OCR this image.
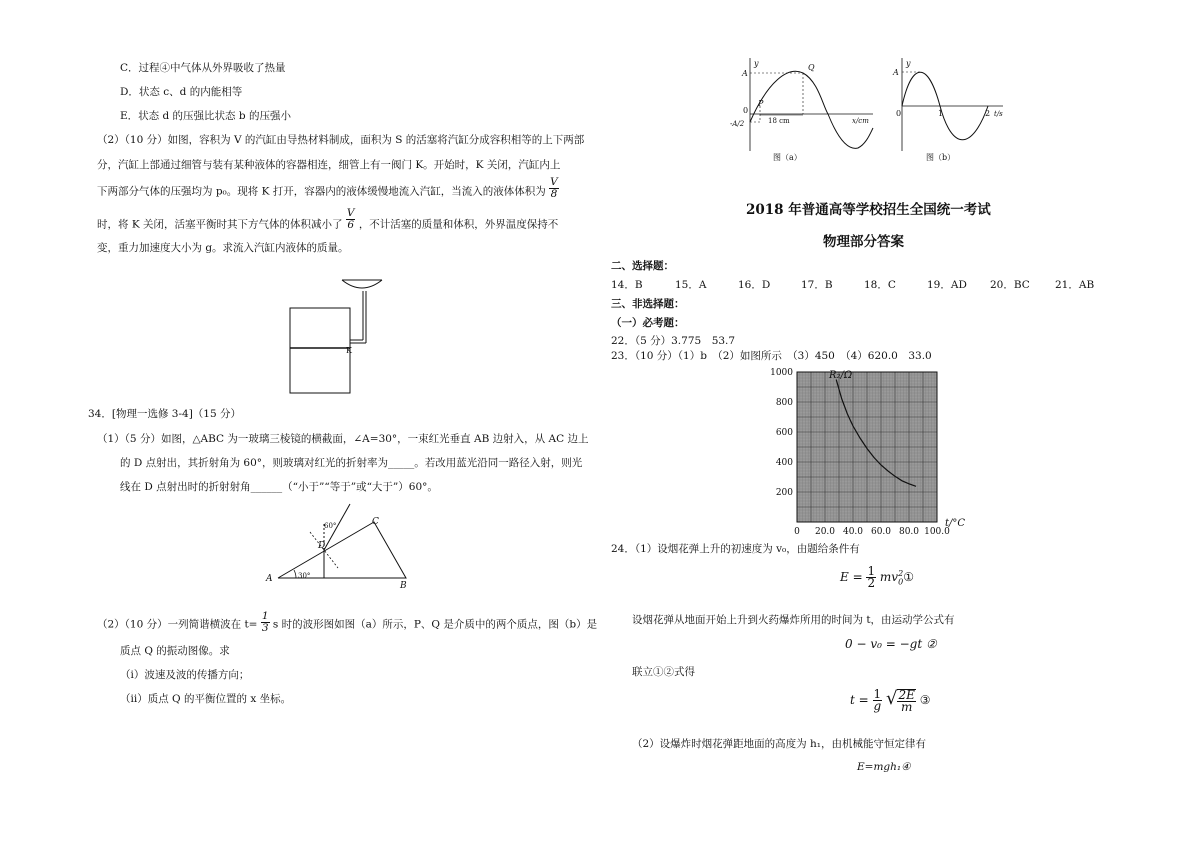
C．过程④中气体从外界吸收了热量
D．状态 c、d 的内能相等
E．状态 d 的压强比状态 b 的压强小
（2）（10 分）如图，容积为 V 的汽缸由导热材料制成，面积为 S 的活塞将汽缸分成容积相等的上下两部
分，汽缸上部通过细管与装有某种液体的容器相连，细管上有一阀门 K。开始时，K 关闭，汽缸内上
下两部分气体的压强均为 p₀。现将 K 打开，容器内的液体缓慢地流入汽缸，当流入的液体体积为 $\frac{V}{8}$
时，将 K 关闭，活塞平衡时其下方气体的体积减小了 $\frac{V}{6}$ ，不计活塞的质量和体积，外界温度保持不
变，重力加速度大小为 g。求流入汽缸内液体的质量。
K
34．[物理一选修 3-4]（15 分）
（1）（5 分）如图，△ABC 为一玻璃三棱镜的横截面，∠A=30°，一束红光垂直 AB 边射入，从 AC 边上
的 D 点射出，其折射角为 60°，则玻璃对红光的折射率为_____。若改用蓝光沿同一路径入射，则光
线在 D 点射出时的折射射角______（“小于”“等于”或“大于”）60°。
A
B
C
D
30°
60°
（2）（10 分）一列简谐横波在 $t= \frac{1}{3}$ s 时的波形图如图（a）所示，P、Q 是介质中的两个质点，图（b）是
质点 Q 的振动图像。求
（i）波速及波的传播方向；
（ii）质点 Q 的平衡位置的 x 坐标。
y
A
-A/2
0
P
Q
18 cm	x/cm
图（a）
y
A
0	1	2 t/s
图（b）
2018 年普通高等学校招生全国统一考试
物理部分答案
二、选择题：
14．B	15．A	16．D	17．B	18．C	19．AD 20．BC 21．AB
三、非选择题：
（一）必考题：
22．（5 分）3.775　53.7
23．（10 分）（1）b　（2）如图所示　（3）450　（4）620.0　33.0
0 20.0 40.0 60.0 80.0 100.0
200
400
600
800
1000	R₂/Ω
t/°C
24．（1）设烟花弹上升的初速度为 v₀，由题给条件有
$E = \frac{1}{2}$ $mv_0^2①$
设烟花弹从地面开始上升到火药爆炸所用的时间为 t，由运动学公式有
0 − v₀ = −gt ②
联立①②式得
$t = \frac{1}{g}$ √ $\frac{2E}{m}$ ③
（2）设爆炸时烟花弹距地面的高度为 h₁，由机械能守恒定律有
E=mgh₁④
